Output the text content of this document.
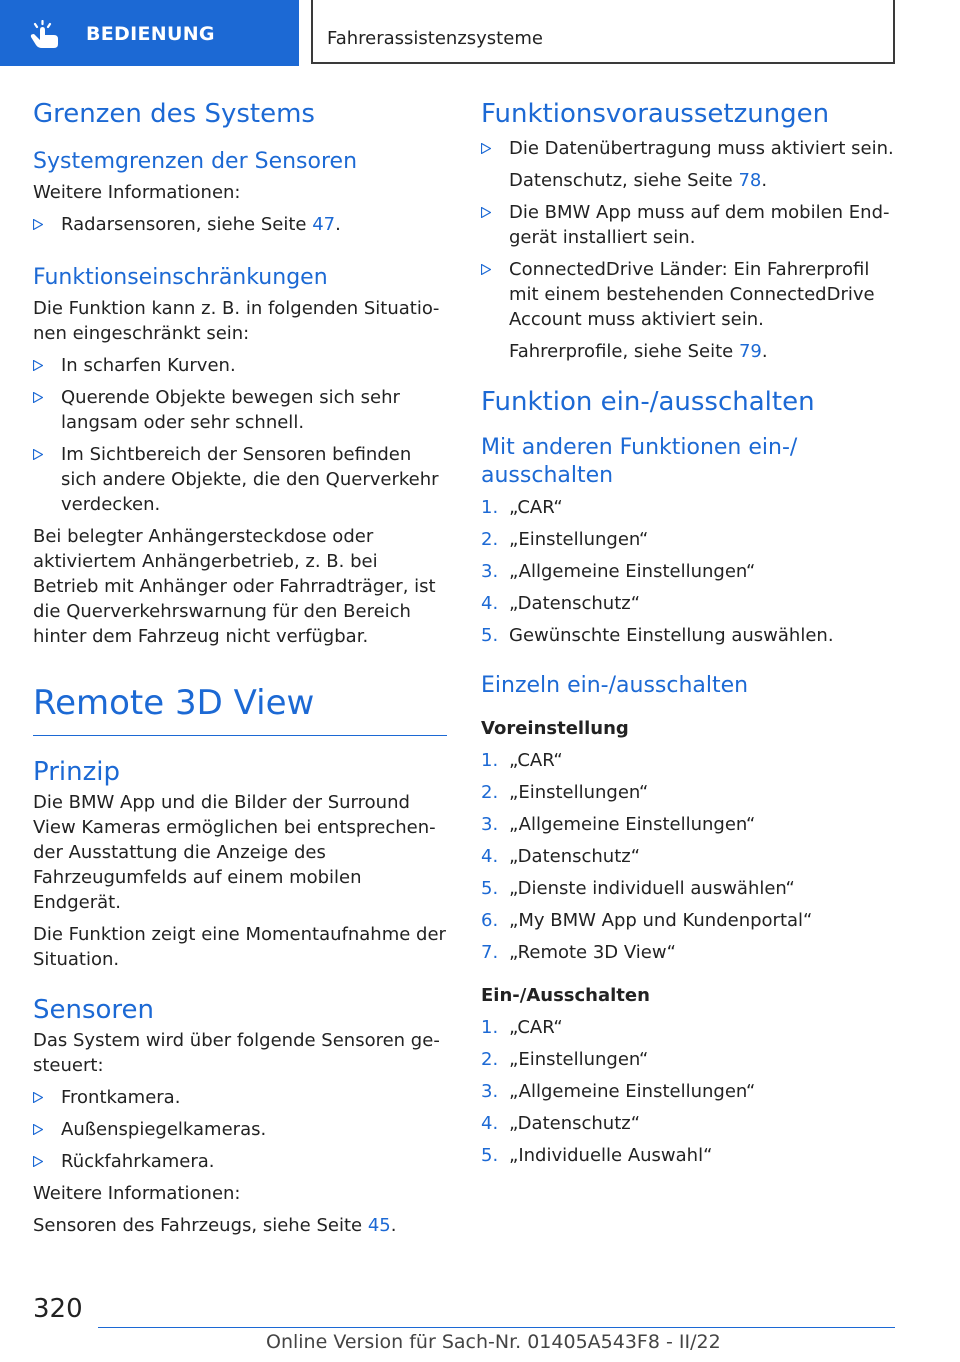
BEDIENUNG	Fahrerassistenzsysteme
Grenzen des Systems
Systemgrenzen der Sensoren

Weitere Informationen:

Radarsensoren, siehe Seite 47.
Funktionseinschränkungen

Die Funktion kann z. B. in folgenden Situationen eingeschränkt sein:

In scharfen Kurven.
Querende Objekte bewegen sich sehr langsam oder sehr schnell.
Im Sichtbereich der Sensoren befinden sich andere Objekte, die den Querverkehr verdecken.

Bei belegter Anhängersteckdose oder aktiviertem Anhängerbetrieb, z. B. bei Betrieb mit Anhänger oder Fahrradträger, ist die Querverkehrswarnung für den Bereich hinter dem Fahrzeug nicht verfügbar.

Remote 3D View
Prinzip

Die BMW App und die Bilder der Surround View Kameras ermöglichen bei entsprechender Ausstattung die Anzeige des Fahrzeugumfelds auf einem mobilen Endgerät.

Die Funktion zeigt eine Momentaufnahme der Situation.

Sensoren

Das System wird über folgende Sensoren gesteuert:

Frontkamera.
Außenspiegelkameras.
Rückfahrkamera.

Weitere Informationen:

Sensoren des Fahrzeugs, siehe Seite 45.

Funktionsvoraussetzungen
Die Datenübertragung muss aktiviert sein.
Datenschutz, siehe Seite 78.
Die BMW App muss auf dem mobilen Endgerät installiert sein.
ConnectedDrive Länder: Ein Fahrerprofil mit einem bestehenden ConnectedDrive Account muss aktiviert sein.
Fahrerprofile, siehe Seite 79.
Funktion ein-/ausschalten
Mit anderen Funktionen ein-/ ausschalten
1. „CAR“
2. „Einstellungen“
3. „Allgemeine Einstellungen“
4. „Datenschutz“
5. Gewünschte Einstellung auswählen.
Einzeln ein-/ausschalten

Voreinstellung

1. „CAR“
2. „Einstellungen“
3. „Allgemeine Einstellungen“
4. „Datenschutz“
5. „Dienste individuell auswählen“
6. „My BMW App und Kundenportal“
7. „Remote 3D View“

Ein-/Ausschalten

1. „CAR“
2. „Einstellungen“
3. „Allgemeine Einstellungen“
4. „Datenschutz“
5. „Individuelle Auswahl“
320
Online Version für Sach-Nr. 01405A543F8 - II/22
